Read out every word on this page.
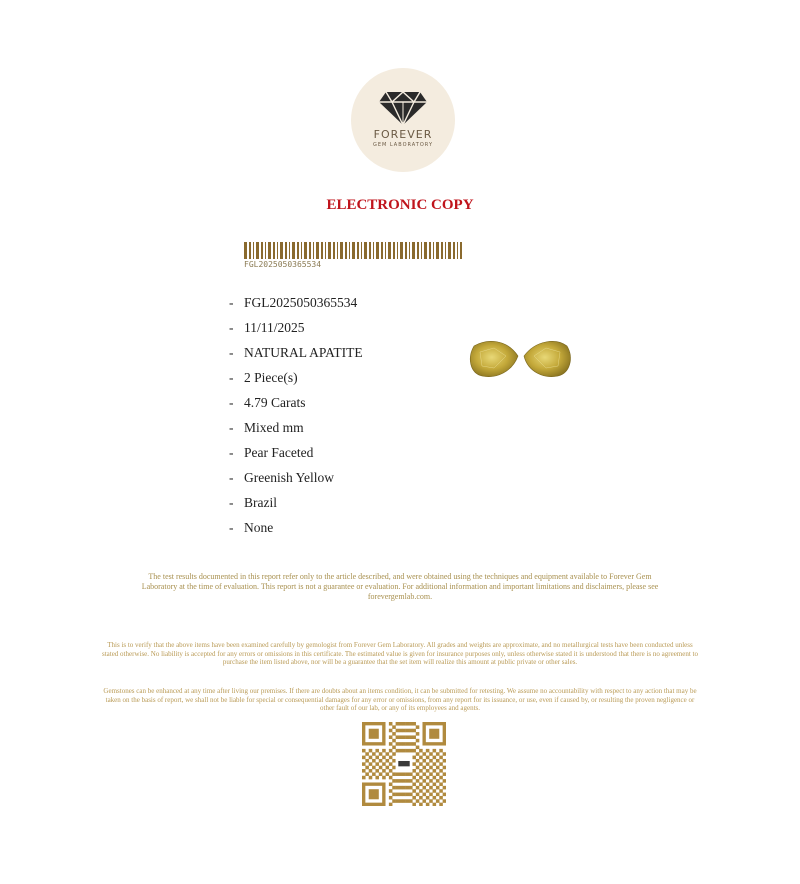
FOREVER
GEM LABORATORY
ELECTRONIC COPY
FGL2025050365534
- FGL2025050365534
- 11/11/2025
- NATURAL APATITE
- 2 Piece(s)
- 4.79 Carats
- Mixed mm
- Pear Faceted
- Greenish Yellow
- Brazil
- None
The test results documented in this report refer only to the article described, and were obtained using the techniques and equipment available to Forever Gem Laboratory at the time of evaluation. This report is not a guarantee or evaluation. For additional information and important limitations and disclaimers, please see forevergemlab.com.
This is to verify that the above items have been examined carefully by gemologist from Forever Gem Laboratory. All grades and weights are approximate, and no metallurgical tests have been conducted unless stated otherwise. No liability is accepted for any errors or omissions in this certificate. The estimated value is given for insurance purposes only, unless otherwise stated it is understood that there is no agreement to purchase the item listed above, nor will be a guarantee that the set item will realize this amount at public private or other sales.
Gemstones can be enhanced at any time after living our premises. If there are doubts about an items condition, it can be submitted for retesting. We assume no accountability with respect to any action that may be taken on the basis of report, we shall not be liable for special or consequential damages for any error or omissions, from any report for its issuance, or use, even if caused by, or resulting the proven negligence or other fault of our lab, or any of its employees and agents.
